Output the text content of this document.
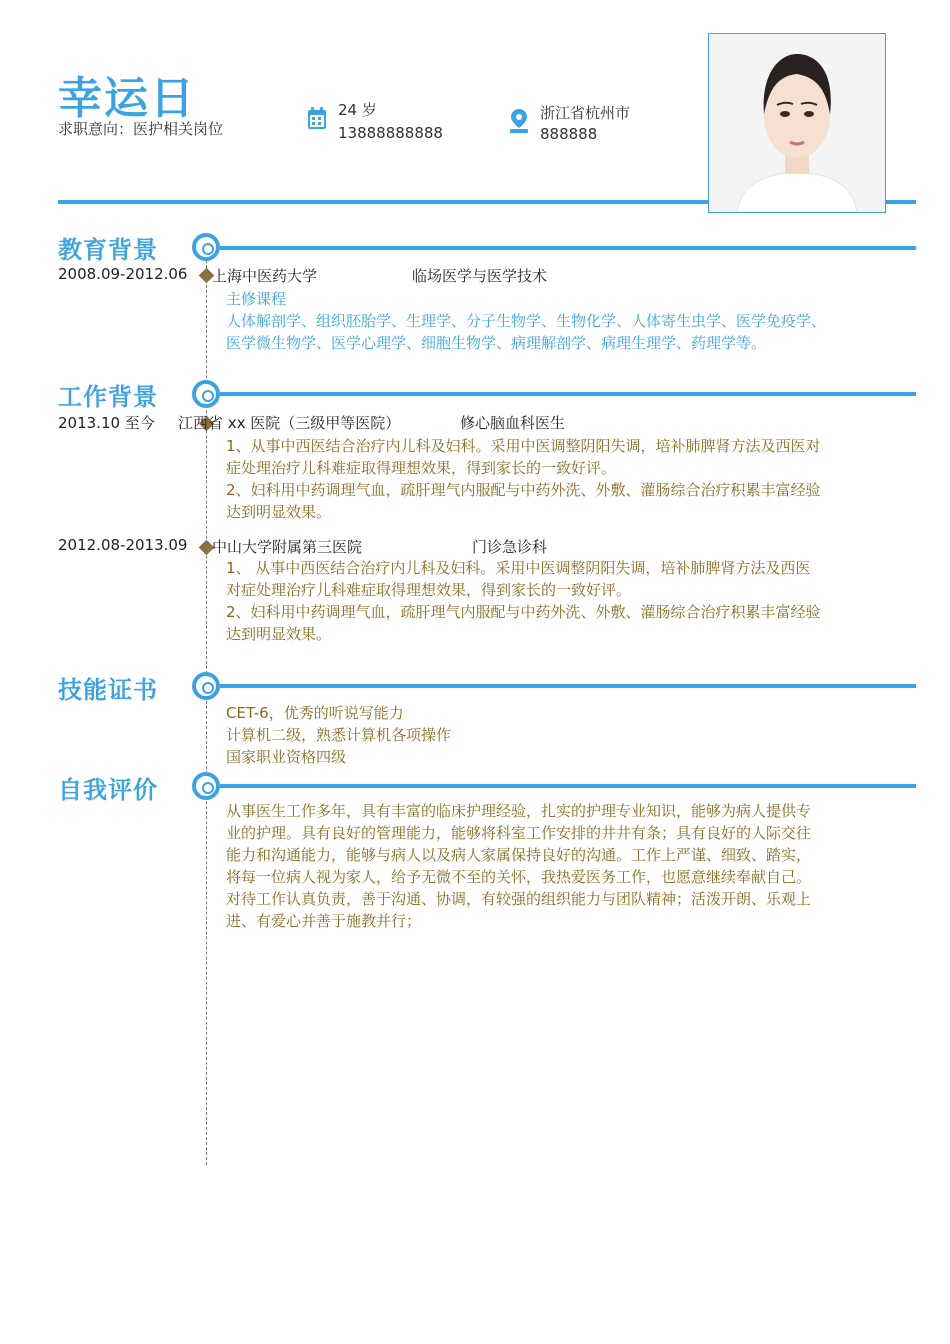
幸运日
求职意向：医护相关岗位
24 岁
13888888888
浙江省杭州市
888888
教育背景
2008.09-2012.06 上海中医药大学	临场医学与医学技术
主修课程
人体解剖学、组织胚胎学、生理学、分子生物学、生物化学、人体寄生虫学、医学免疫学、
医学微生物学、医学心理学、细胞生物学、病理解剖学、病理生理学、药理学等。
工作背景
2013.10 至今 江西省 xx 医院（三级甲等医院）	修心脑血科医生
1、从事中西医结合治疗内儿科及妇科。采用中医调整阴阳失调，培补肺脾肾方法及西医对
症处理治疗儿科难症取得理想效果，得到家长的一致好评。
2、妇科用中药调理气血，疏肝理气内服配与中药外洗、外敷、灌肠综合治疗积累丰富经验
达到明显效果。
2012.08-2013.09 中山大学附属第三医院	门诊急诊科
1、 从事中西医结合治疗内儿科及妇科。采用中医调整阴阳失调，培补肺脾肾方法及西医
对症处理治疗儿科难症取得理想效果，得到家长的一致好评。
2、妇科用中药调理气血，疏肝理气内服配与中药外洗、外敷、灌肠综合治疗积累丰富经验
达到明显效果。
技能证书
CET-6，优秀的听说写能力
计算机二级，熟悉计算机各项操作
国家职业资格四级
自我评价
从事医生工作多年，具有丰富的临床护理经验，扎实的护理专业知识，能够为病人提供专
业的护理。具有良好的管理能力，能够将科室工作安排的井井有条；具有良好的人际交往
能力和沟通能力，能够与病人以及病人家属保持良好的沟通。工作上严谨、细致、踏实，
将每一位病人视为家人，给予无微不至的关怀，我热爱医务工作，也愿意继续奉献自己。
对待工作认真负责，善于沟通、协调，有较强的组织能力与团队精神；活泼开朗、乐观上
进、有爱心并善于施教并行；
